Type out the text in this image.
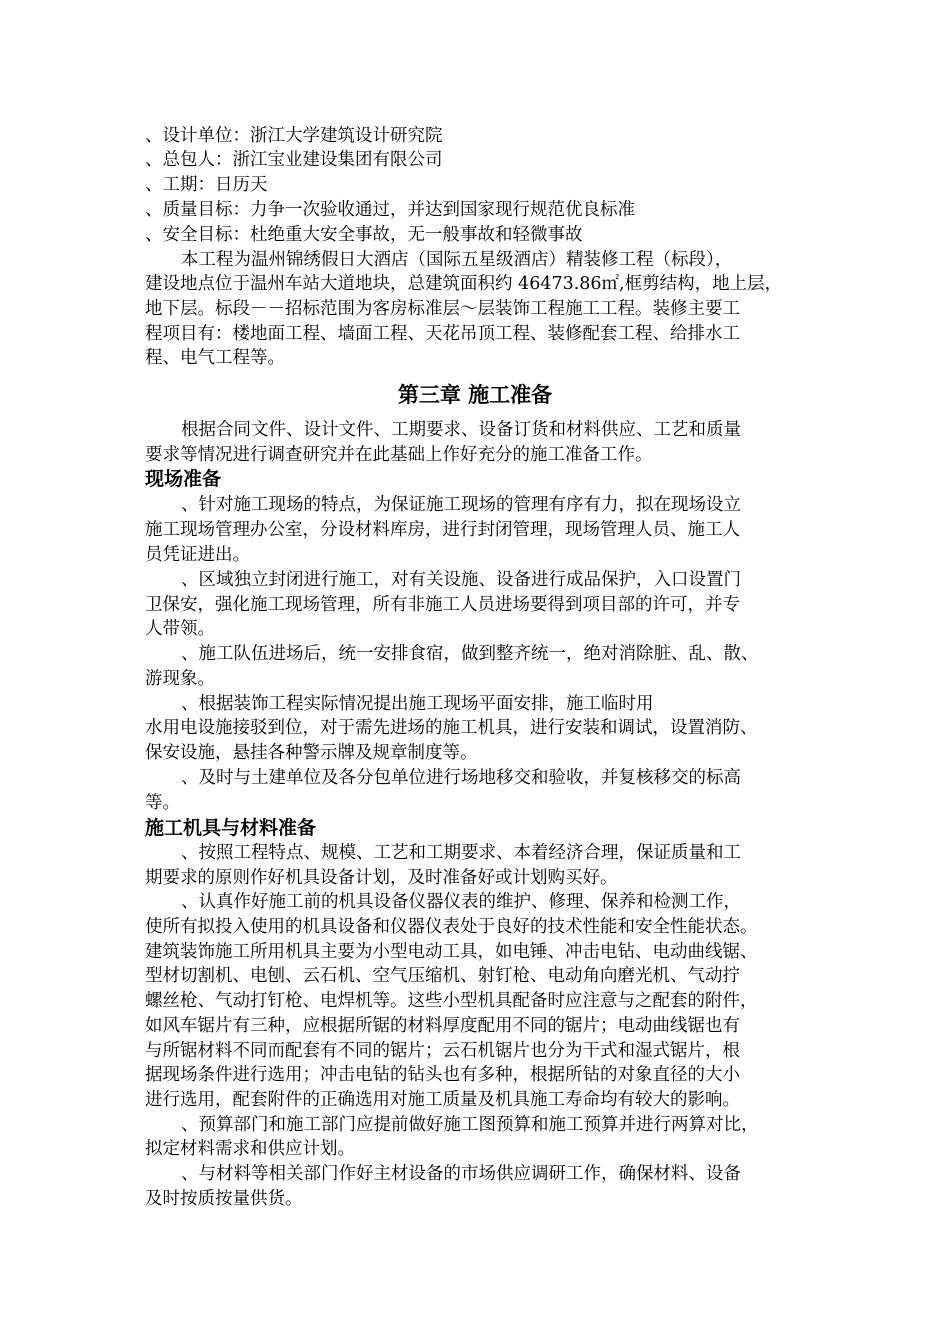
、设计单位：浙江大学建筑设计研究院
、总包人：浙江宝业建设集团有限公司
、工期：日历天
、质量目标：力争一次验收通过，并达到国家现行规范优良标准
、安全目标：杜绝重大安全事故，无一般事故和轻微事故
本工程为温州锦绣假日大酒店（国际五星级酒店）精装修工程（标段），
建设地点位于温州车站大道地块，总建筑面积约 46473.86㎡,框剪结构，地上层，
地下层。标段－－招标范围为客房标准层～层装饰工程施工工程。装修主要工
程项目有：楼地面工程、墙面工程、天花吊顶工程、装修配套工程、给排水工
程、电气工程等。
第三章 施工准备
根据合同文件、设计文件、工期要求、设备订货和材料供应、工艺和质量
要求等情况进行调查研究并在此基础上作好充分的施工准备工作。
现场准备
、针对施工现场的特点，为保证施工现场的管理有序有力，拟在现场设立
施工现场管理办公室，分设材料库房，进行封闭管理，现场管理人员、施工人
员凭证进出。
、区域独立封闭进行施工，对有关设施、设备进行成品保护，入口设置门
卫保安，强化施工现场管理，所有非施工人员进场要得到项目部的许可，并专
人带领。
、施工队伍进场后，统一安排食宿，做到整齐统一，绝对消除脏、乱、散、
游现象。
、根据装饰工程实际情况提出施工现场平面安排，施工临时用
水用电设施接驳到位，对于需先进场的施工机具，进行安装和调试，设置消防、
保安设施，悬挂各种警示牌及规章制度等。
、及时与土建单位及各分包单位进行场地移交和验收，并复核移交的标高
等。
施工机具与材料准备
、按照工程特点、规模、工艺和工期要求、本着经济合理，保证质量和工
期要求的原则作好机具设备计划，及时准备好或计划购买好。
、认真作好施工前的机具设备仪器仪表的维护、修理、保养和检测工作，
使所有拟投入使用的机具设备和仪器仪表处于良好的技术性能和安全性能状态。
建筑装饰施工所用机具主要为小型电动工具，如电锤、冲击电钻、电动曲线锯、
型材切割机、电刨、云石机、空气压缩机、射钉枪、电动角向磨光机、气动拧
螺丝枪、气动打钉枪、电焊机等。这些小型机具配备时应注意与之配套的附件，
如风车锯片有三种，应根据所锯的材料厚度配用不同的锯片；电动曲线锯也有
与所锯材料不同而配套有不同的锯片；云石机锯片也分为干式和湿式锯片，根
据现场条件进行选用；冲击电钻的钻头也有多种，根据所钻的对象直径的大小
进行选用，配套附件的正确选用对施工质量及机具施工寿命均有较大的影响。
、预算部门和施工部门应提前做好施工图预算和施工预算并进行两算对比，
拟定材料需求和供应计划。
、与材料等相关部门作好主材设备的市场供应调研工作，确保材料、设备
及时按质按量供货。
